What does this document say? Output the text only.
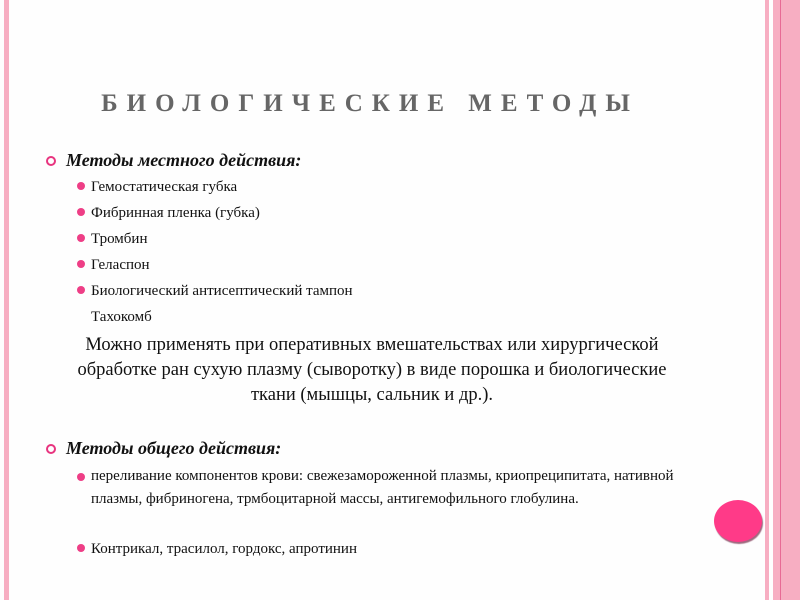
БИОЛОГИЧЕСКИЕ МЕТОДЫ
Методы местного действия:
Гемостатическая губка
Фибринная пленка (губка)
Тромбин
Геласпон
Биологический антисептический тампон
Тахокомб
Можно применять при оперативных вмешательствах или хирургической обработке ран сухую плазму (сыворотку) в виде порошка и биологические ткани (мышцы, сальник и др.).
Методы общего действия:
переливание компонентов крови: свежезамороженной плазмы, криопреципитата, нативной плазмы, фибриногена, трмбоцитарной массы, антигемофильного глобулина.
Контрикал, трасилол, гордокс, апротинин
